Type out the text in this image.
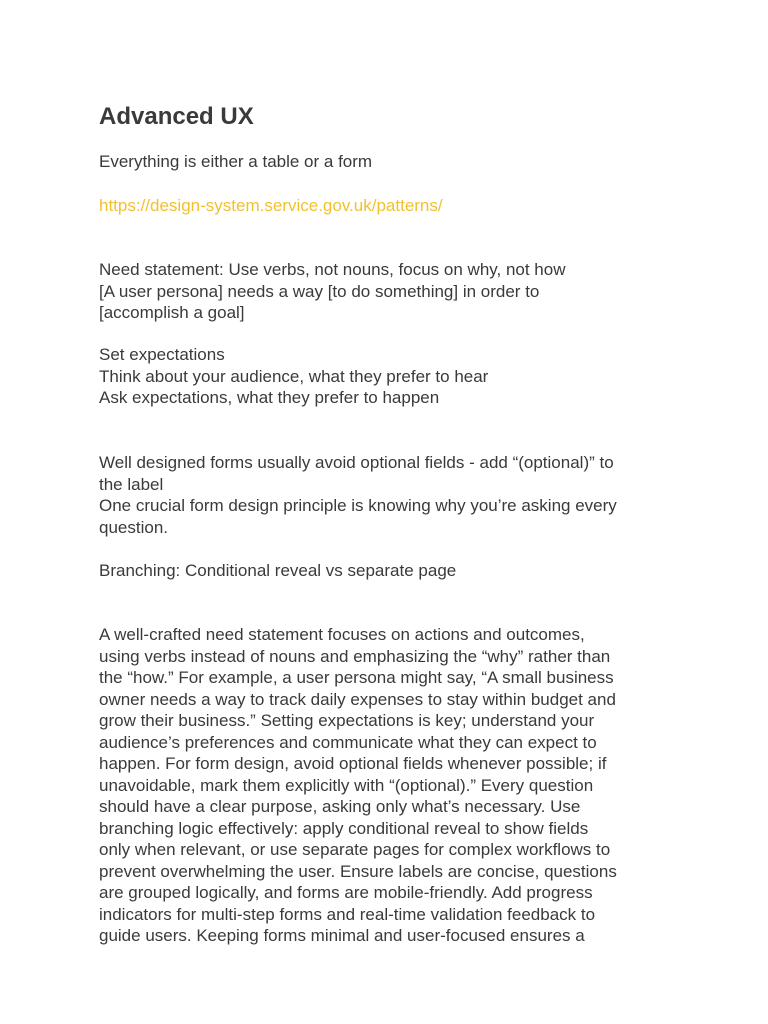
Advanced UX

Everything is either a table or a form

https://design-system.service.gov.uk/patterns/

Need statement: Use verbs, not nouns, focus on why, not how
[A user persona] needs a way [to do something] in order to
[accomplish a goal]

Set expectations
Think about your audience, what they prefer to hear
Ask expectations, what they prefer to happen

Well designed forms usually avoid optional fields - add “(optional)” to
the label
One crucial form design principle is knowing why you’re asking every
question.

Branching: Conditional reveal vs separate page

A well-crafted need statement focuses on actions and outcomes,
using verbs instead of nouns and emphasizing the “why” rather than
the “how.” For example, a user persona might say, “A small business
owner needs a way to track daily expenses to stay within budget and
grow their business.” Setting expectations is key; understand your
audience’s preferences and communicate what they can expect to
happen. For form design, avoid optional fields whenever possible; if
unavoidable, mark them explicitly with “(optional).” Every question
should have a clear purpose, asking only what’s necessary. Use
branching logic effectively: apply conditional reveal to show fields
only when relevant, or use separate pages for complex workflows to
prevent overwhelming the user. Ensure labels are concise, questions
are grouped logically, and forms are mobile-friendly. Add progress
indicators for multi-step forms and real-time validation feedback to
guide users. Keeping forms minimal and user-focused ensures a
